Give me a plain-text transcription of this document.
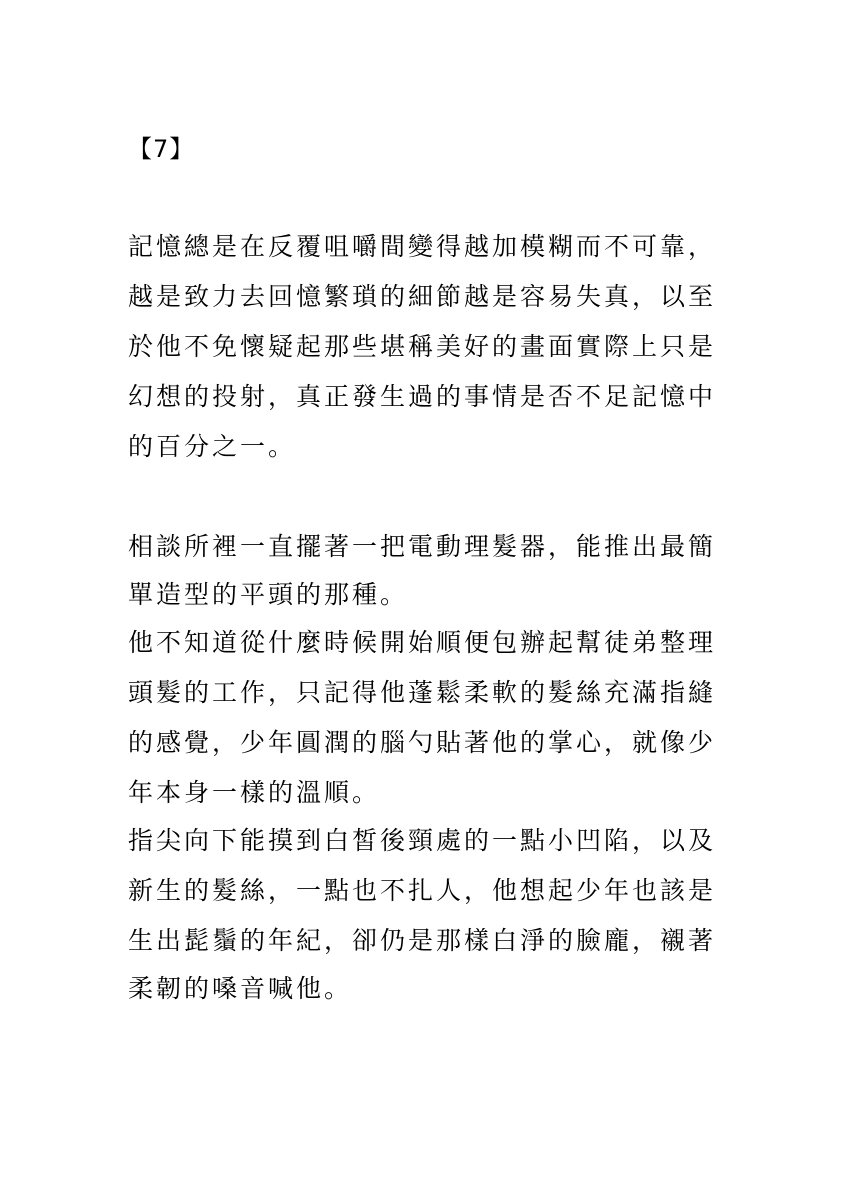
【7】
記憶總是在反覆咀嚼間變得越加模糊而不可靠，
越是致力去回憶繁瑣的細節越是容易失真，以至
於他不免懷疑起那些堪稱美好的畫面實際上只是
幻想的投射，真正發生過的事情是否不足記憶中
的百分之一。
相談所裡一直擺著一把電動理髮器，能推出最簡
單造型的平頭的那種。
他不知道從什麼時候開始順便包辦起幫徒弟整理
頭髮的工作，只記得他蓬鬆柔軟的髮絲充滿指縫
的感覺，少年圓潤的腦勺貼著他的掌心，就像少
年本身一樣的溫順。
指尖向下能摸到白皙後頸處的一點小凹陷，以及
新生的髮絲，一點也不扎人，他想起少年也該是
生出髭鬚的年紀，卻仍是那樣白淨的臉龐，襯著
柔韌的嗓音喊他。
